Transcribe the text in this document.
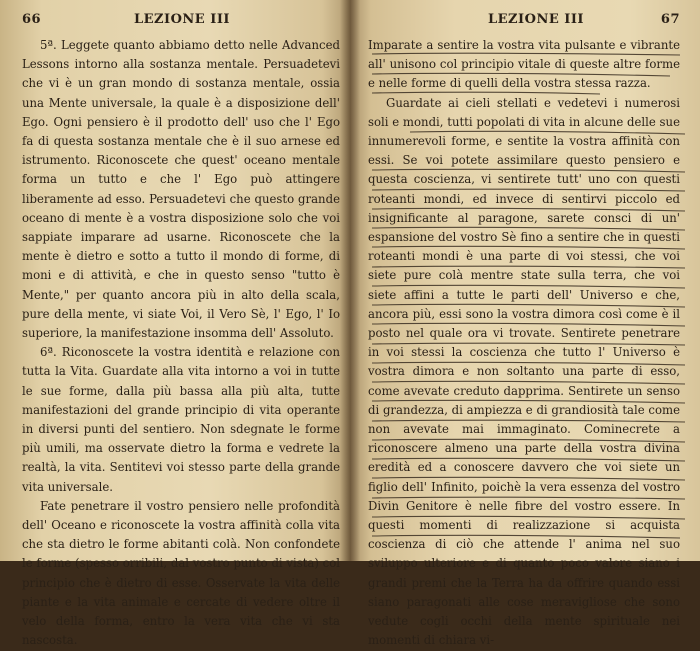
66	LEZIONE III

5ª. Leggete quanto abbiamo detto nelle Advanced Lessons intorno alla sostanza mentale. Persuadetevi che vi è un gran mondo di sostanza mentale, ossia una Mente universale, la quale è a disposizione dell' Ego. Ogni pensiero è il prodotto dell' uso che l' Ego fa di questa sostanza mentale che è il suo arnese ed istrumento. Riconoscete che quest' oceano mentale forma un tutto e che l' Ego può attingere liberamente ad esso. Persuadetevi che questo grande oceano di mente è a vostra disposizione solo che voi sappiate imparare ad usarne. Riconoscete che la mente è dietro e sotto a tutto il mondo di forme, di moni e di attività, e che in questo senso "tutto è Mente," per quanto ancora più in alto della scala, pure della mente, vi siate Voi, il Vero Sè, l' Ego, l' Io superiore, la manifestazione insomma dell' Assoluto.

6ª. Riconoscete la vostra identità e relazione con tutta la Vita. Guardate alla vita intorno a voi in tutte le sue forme, dalla più bassa alla più alta, tutte manifestazioni del grande principio di vita operante in diversi punti del sentiero. Non sdegnate le forme più umili, ma osservate dietro la forma e vedrete la realtà, la vita. Sentitevi voi stesso parte della grande vita universale.

Fate penetrare il vostro pensiero nelle profondità dell' Oceano e riconoscete la vostra affinità colla vita che sta dietro le forme abitanti colà. Non confondete le forme (spesso orribili, dal vostro punto di vista) col principio che è dietro di esse. Osservate la vita delle piante e la vita animale e cercate di vedere oltre il velo della forma, entro la vera vita che vi sta nascosta.

LEZIONE III	67

Imparate a sentire la vostra vita pulsante e vibrante all' unisono col principio vitale di queste altre forme e nelle forme di quelli della vostra stessa razza.

Guardate ai cieli stellati e vedetevi i numerosi soli e mondi, tutti popolati di vita in alcune delle sue innumerevoli forme, e sentite la vostra affinità con essi. Se voi potete assimilare questo pensiero e questa coscienza, vi sentirete tutt' uno con questi roteanti mondi, ed invece di sentirvi piccolo ed insignificante al paragone, sarete consci di un' espansione del vostro Sè fino a sentire che in questi roteanti mondi è una parte di voi stessi, che voi siete pure colà mentre state sulla terra, che voi siete affini a tutte le parti dell' Universo e che, ancora più, essi sono la vostra dimora così come è il posto nel quale ora vi trovate. Sentirete penetrare in voi stessi la coscienza che tutto l' Universo è vostra dimora e non soltanto una parte di esso, come avevate creduto dapprima. Sentirete un senso di grandezza, di ampiezza e di grandiosità tale come non avevate mai immaginato. Cominecrete a riconoscere almeno una parte della vostra divina eredità ed a conoscere davvero che voi siete un figlio dell' Infinito, poichè la vera essenza del vostro Divin Genitore è nelle fibre del vostro essere. In questi momenti di realizzazione si acquista coscienza di ciò che attende l' anima nel suo sviluppo ulteriore e di quanto poco valore siano i grandi premi che la Terra ha da offrire quando essi siano paragonati alle cose meravigliose che sono vedute cogli occhi della mente spirituale nei momenti di chiara vi-
